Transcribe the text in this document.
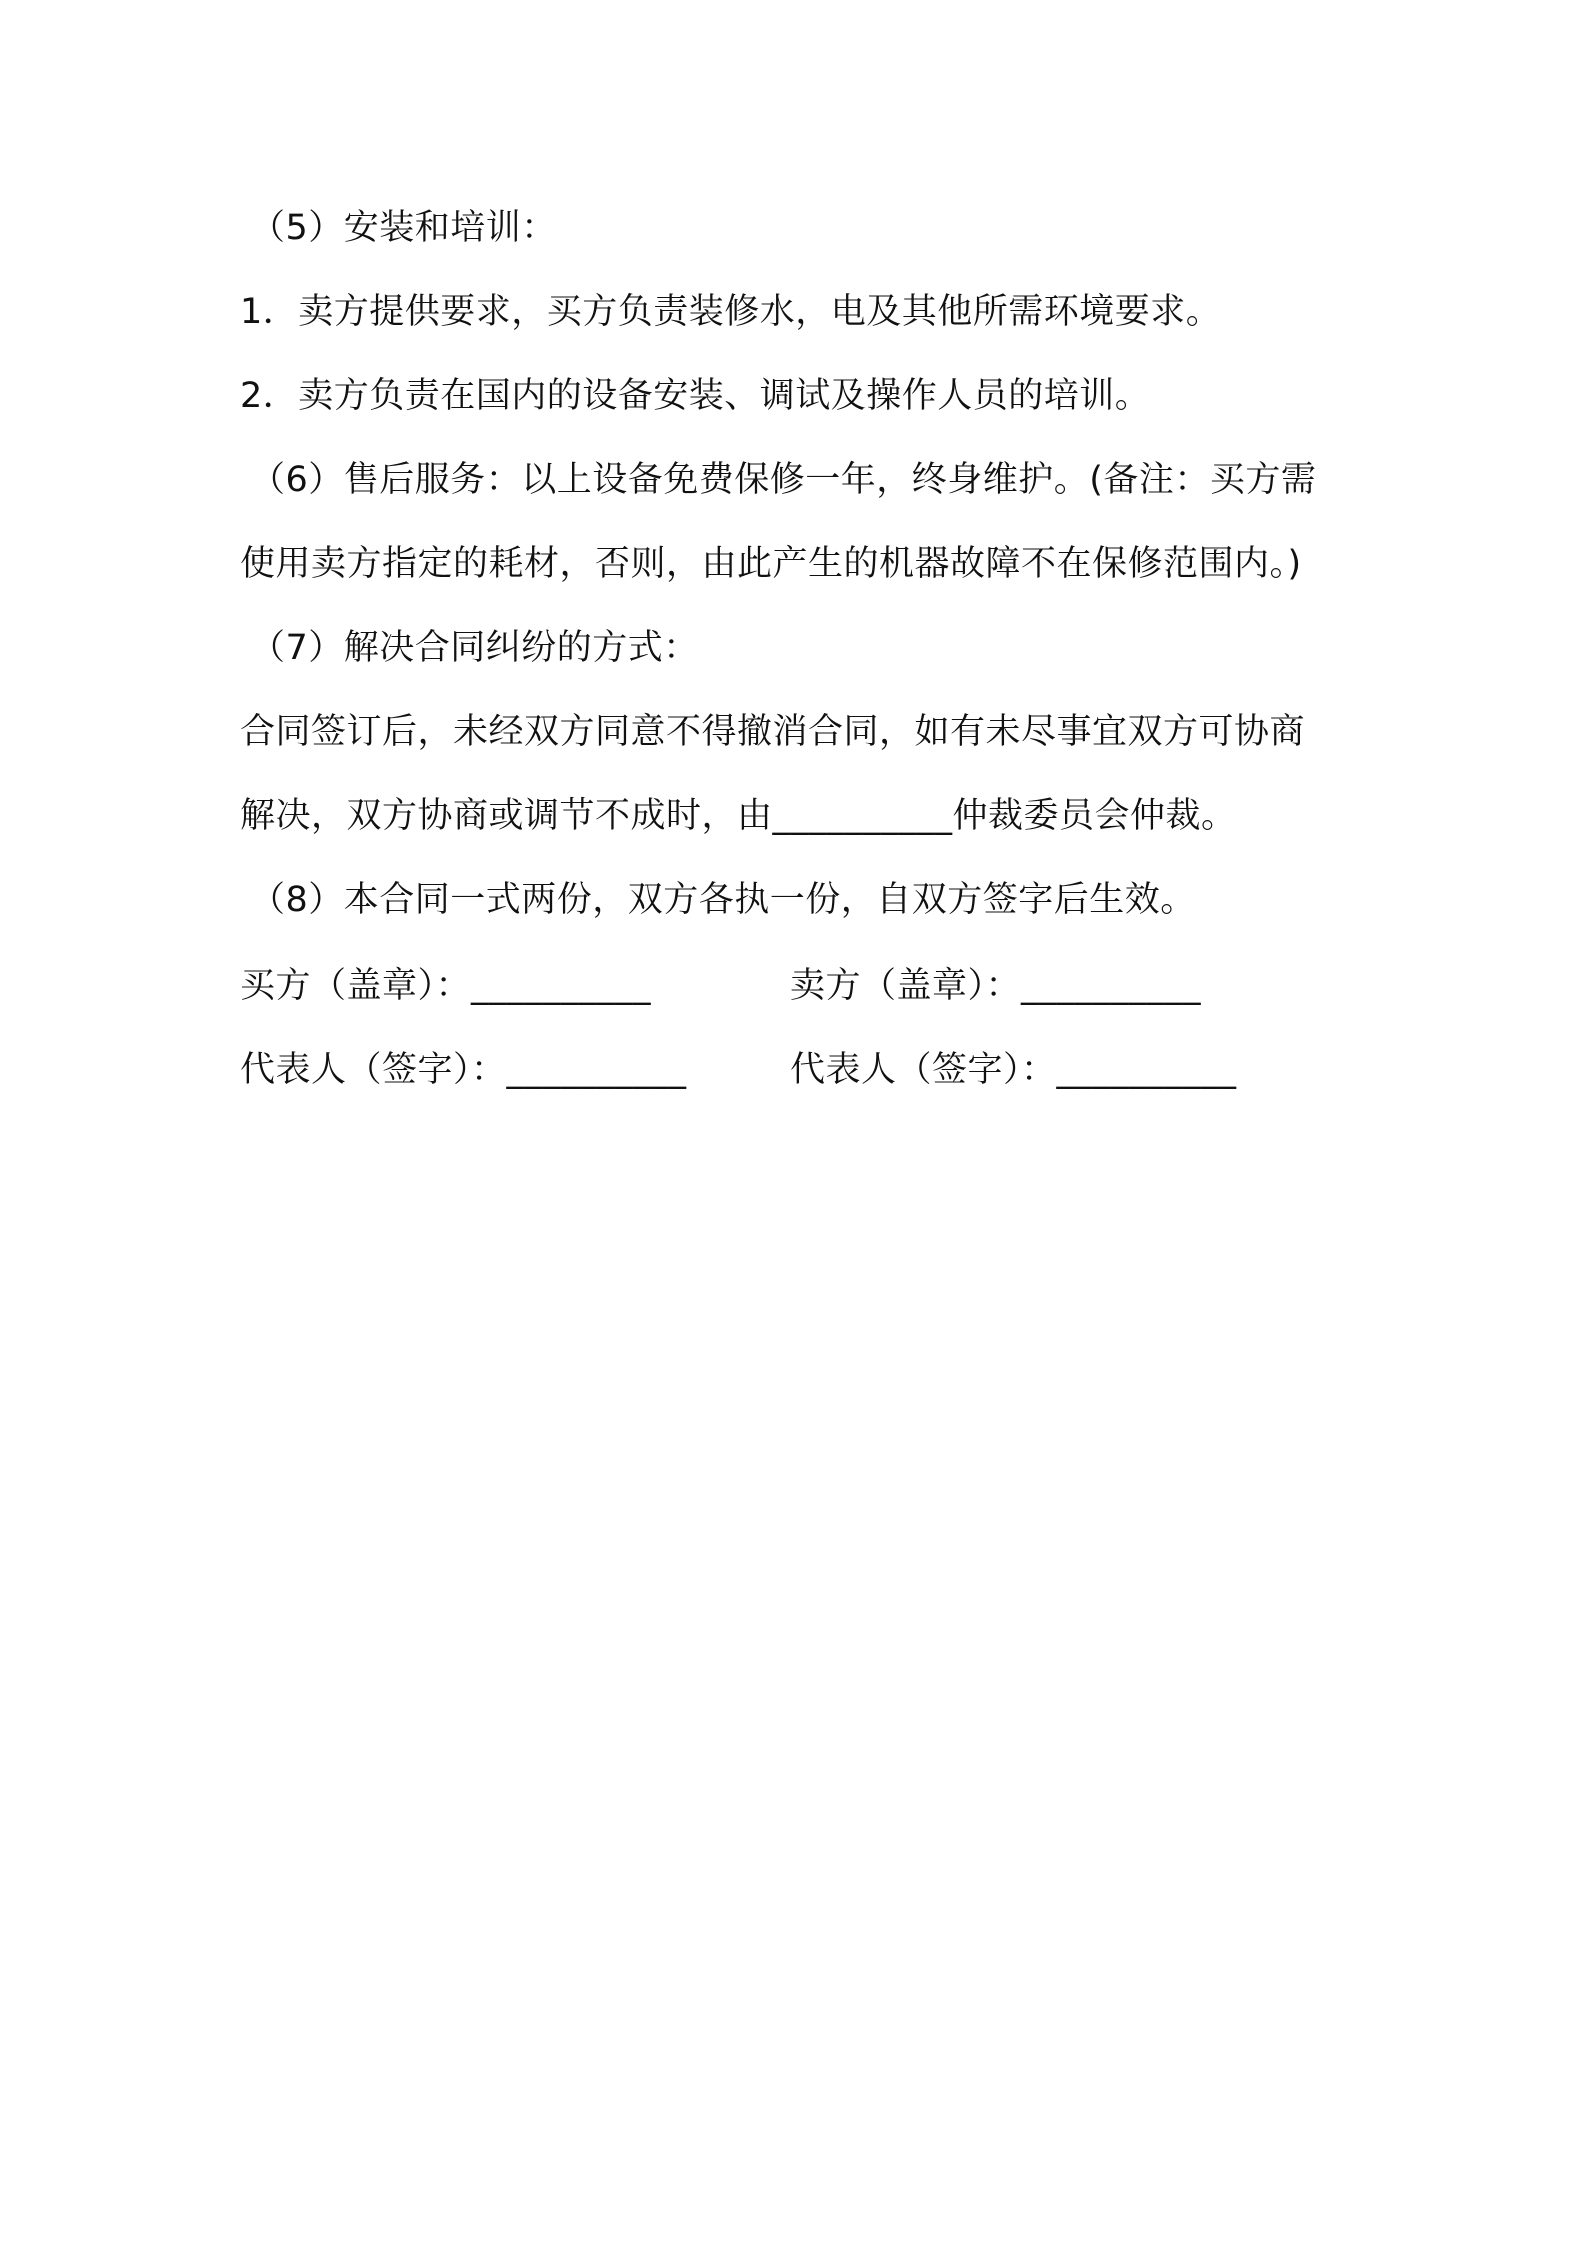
（5）安装和培训：
1．卖方提供要求，买方负责装修水，电及其他所需环境要求。
2．卖方负责在国内的设备安装、调试及操作人员的培训。
（6）售后服务：以上设备免费保修一年，终身维护。(备注：买方需
使用卖方指定的耗材，否则，由此产生的机器故障不在保修范围内。)
（7）解决合同纠纷的方式：
合同签订后，未经双方同意不得撤消合同，如有未尽事宜双方可协商
解决，双方协商或调节不成时，由__________仲裁委员会仲裁。
（8）本合同一式两份，双方各执一份，自双方签字后生效。
买方（盖章）：__________	卖方（盖章）：__________
代表人（签字）：__________	代表人（签字）：__________
